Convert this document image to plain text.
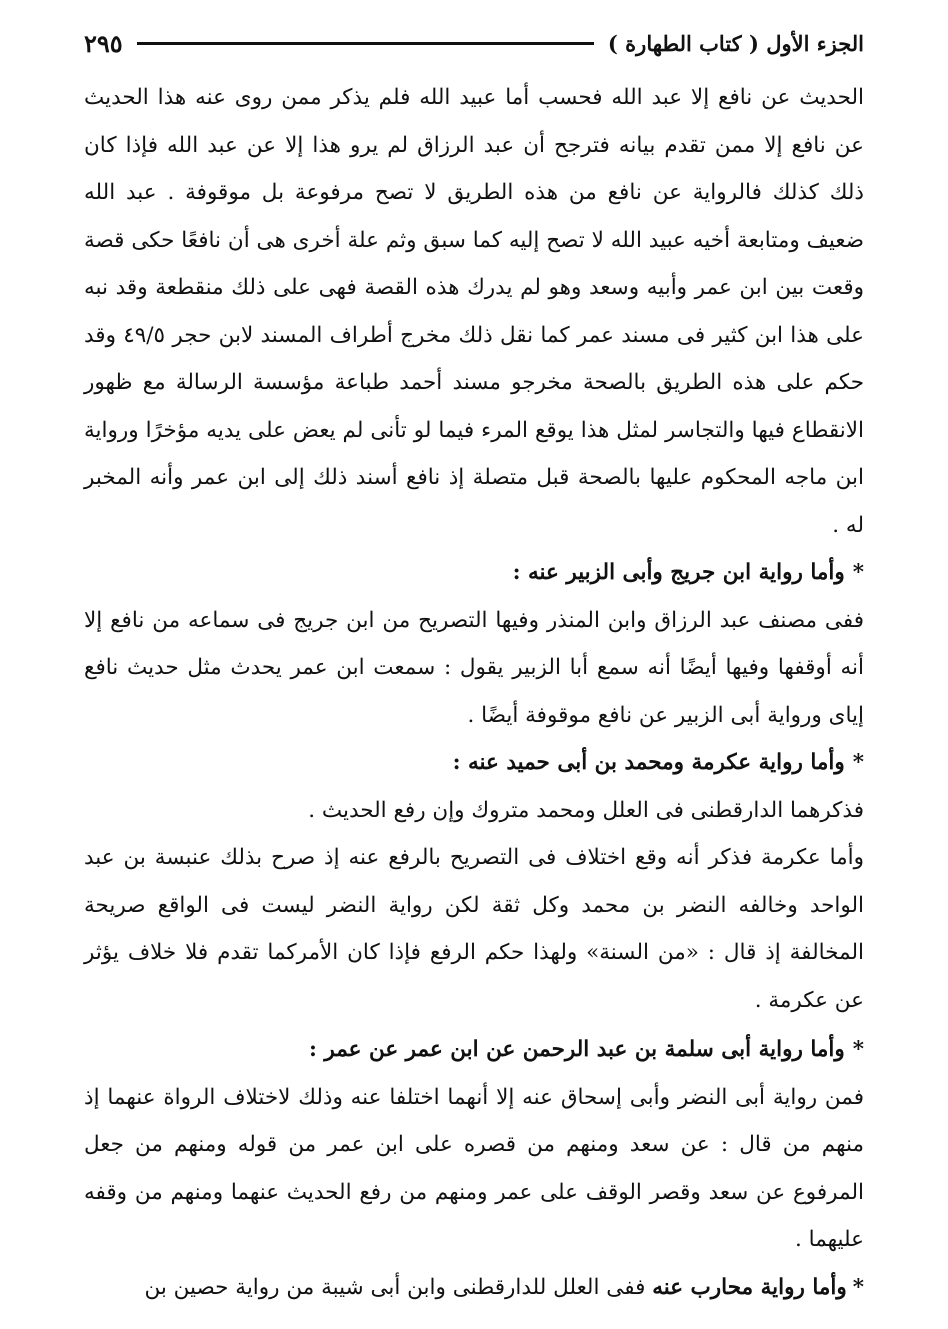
الجزء الأول ( كتاب الطهارة )
٢٩٥

الحديث عن نافع إلا عبد الله فحسب أما عبيد الله فلم يذكر ممن روى عنه هذا الحديث عن نافع إلا ممن تقدم بيانه فترجح أن عبد الرزاق لم يرو هذا إلا عن عبد الله فإذا كان ذلك كذلك فالرواية عن نافع من هذه الطريق لا تصح مرفوعة بل موقوفة . عبد الله ضعيف ومتابعة أخيه عبيد الله لا تصح إليه كما سبق وثم علة أخرى هى أن نافعًا حكى قصة وقعت بين ابن عمر وأبيه وسعد وهو لم يدرك هذه القصة فهى على ذلك منقطعة وقد نبه على هذا ابن كثير فى مسند عمر كما نقل ذلك مخرج أطراف المسند لابن حجر ٤٩/٥ وقد حكم على هذه الطريق بالصحة مخرجو مسند أحمد طباعة مؤسسة الرسالة مع ظهور الانقطاع فيها والتجاسر لمثل هذا يوقع المرء فيما لو تأنى لم يعض على يديه مؤخرًا ورواية ابن ماجه المحكوم عليها بالصحة قبل متصلة إذ نافع أسند ذلك إلى ابن عمر وأنه المخبر له .

*وأما رواية ابن جريج وأبى الزبير عنه :

ففى مصنف عبد الرزاق وابن المنذر وفيها التصريح من ابن جريج فى سماعه من نافع إلا أنه أوقفها وفيها أيضًا أنه سمع أبا الزبير يقول : سمعت ابن عمر يحدث مثل حديث نافع إياى ورواية أبى الزبير عن نافع موقوفة أيضًا .

*وأما رواية عكرمة ومحمد بن أبى حميد عنه :

فذكرهما الدارقطنى فى العلل ومحمد متروك وإن رفع الحديث .

وأما عكرمة فذكر أنه وقع اختلاف فى التصريح بالرفع عنه إذ صرح بذلك عنبسة بن عبد الواحد وخالفه النضر بن محمد وكل ثقة لكن رواية النضر ليست فى الواقع صريحة المخالفة إذ قال : «من السنة» ولهذا حكم الرفع فإذا كان الأمركما تقدم فلا خلاف يؤثر عن عكرمة .

*وأما رواية أبى سلمة بن عبد الرحمن عن ابن عمر عن عمر :

فمن رواية أبى النضر وأبى إسحاق عنه إلا أنهما اختلفا عنه وذلك لاختلاف الرواة عنهما إذ منهم من قال : عن سعد ومنهم من قصره على ابن عمر من قوله ومنهم من جعل المرفوع عن سعد وقصر الوقف على عمر ومنهم من رفع الحديث عنهما ومنهم من وقفه عليهما .

*وأما رواية محارب عنه ففى العلل للدارقطنى وابن أبى شيبة من رواية حصين بن
